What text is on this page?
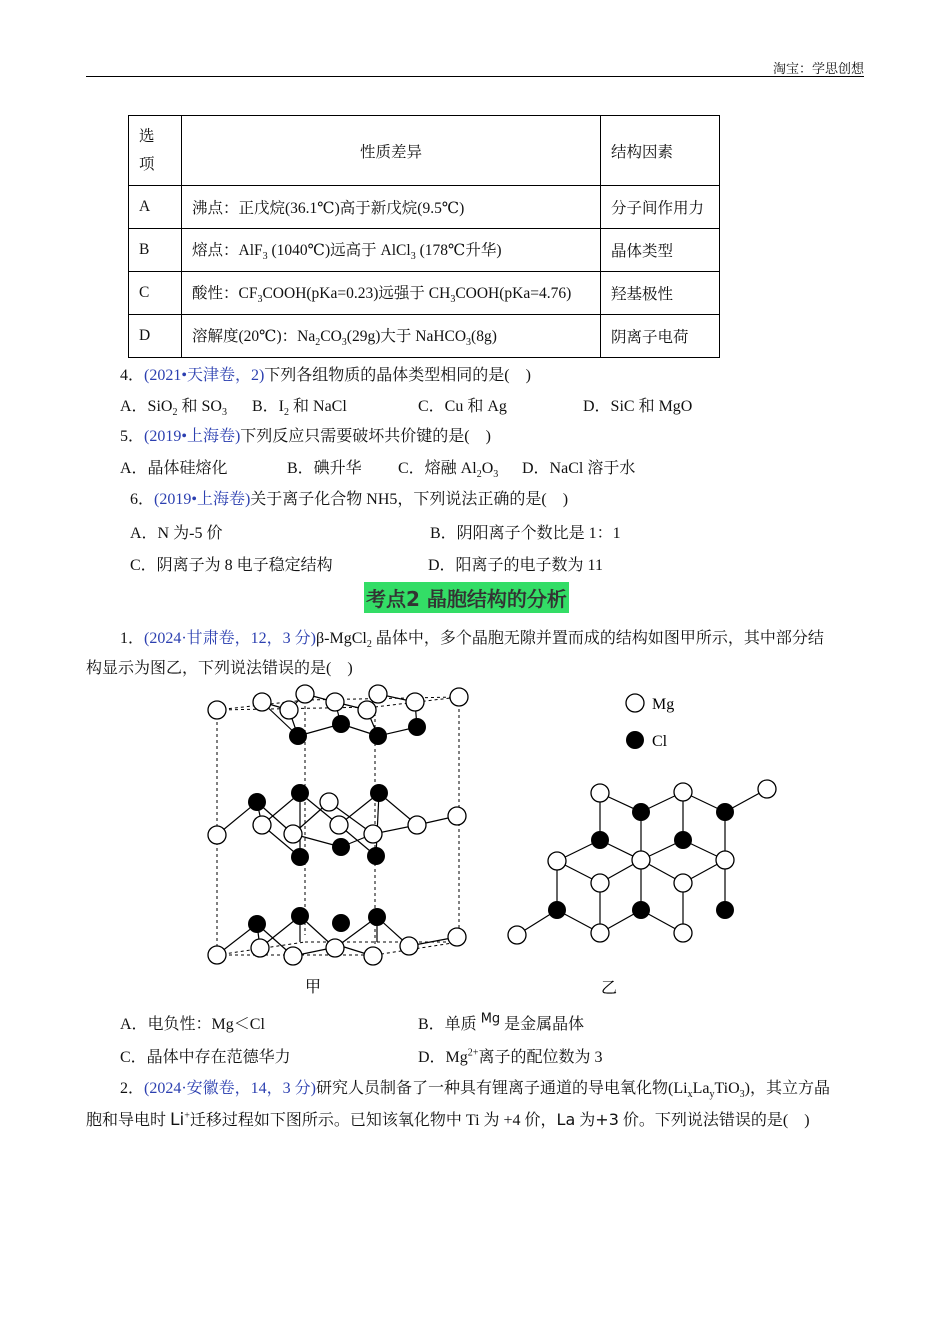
淘宝：学思创想
选
项	性质差异	结构因素
A	沸点：正戊烷(36.1℃)高于新戊烷(9.5℃)	分子间作用力
B	熔点：AlF$_3$ (1040℃)远高于 AlCl$_3$ (178℃升华)	晶体类型
C	酸性：$CF_3COOH(pKa=0.23)$远强于 $CH_3COOH(pKa=4.76)$	羟基极性
D	溶解度(20℃)：$Na_2CO_3(29g)$大于 NaHCO$_3$(8g)	阴离子电荷
4．(2021•天津卷，2)下列各组物质的晶体类型相同的是(　)
A．SiO$_2$ 和 $SO_3$ B．$I_2$ 和 NaCl	C．Cu 和 Ag	D．SiC 和 MgO
5．(2019•上海卷)下列反应只需要破坏共价键的是(　)
A．晶体硅熔化	B．碘升华 C．熔融 $Al_2O_3$ D．NaCl 溶于水
6．(2019•上海卷)关于离子化合物 NH5，下列说法正确的是(　)
A．N 为-5 价	B．阴阳离子个数比是 1：1
C．阴离子为 8 电子稳定结构	D．阳离子的电子数为 11
考点2 晶胞结构的分析
1．(2024·甘肃卷，12，3 分)β-MgCl$_2$ 晶体中，多个晶胞无隙并置而成的结构如图甲所示，其中部分结
构显示为图乙，下列说法错误的是(　)
Mg
Cl
甲	乙
A．电负性：Mg＜Cl	B．单质 $^{Mg}$ 是金属晶体
C．晶体中存在范德华力	D．$Mg^{2+}$离子的配位数为 3
2．(2024·安徽卷，14，3 分)研究人员制备了一种具有锂离子通道的导电氧化物$(Li_xLa_yTiO_3)$，其立方晶
胞和导电时 Li+迁移过程如下图所示。已知该氧化物中 Ti 为 +4 价，La 为+3 价。下列说法错误的是(　)
